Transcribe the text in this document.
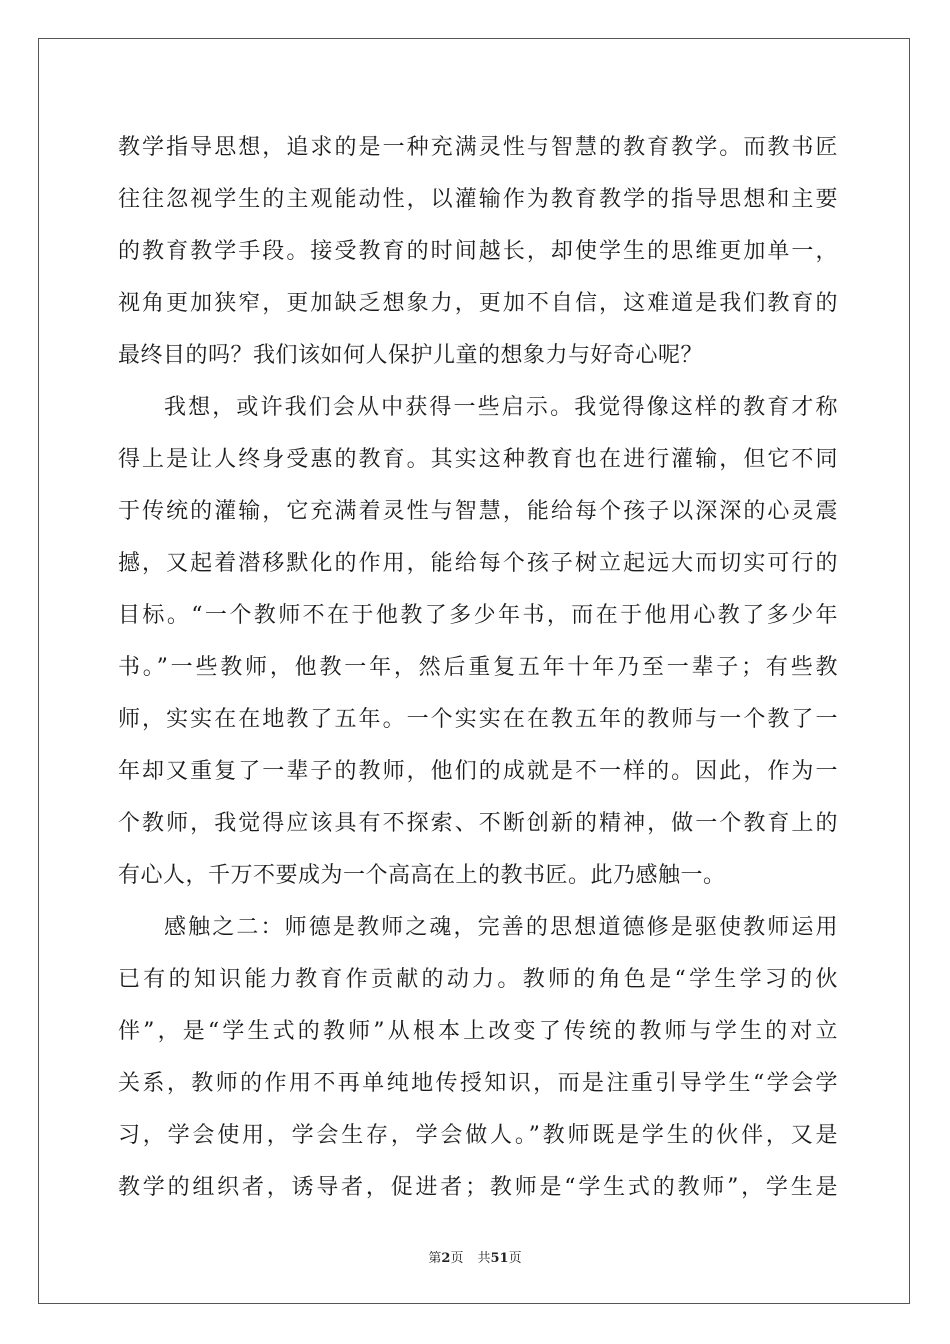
教学指导思想，追求的是一种充满灵性与智慧的教育教学。而教书匠
往往忽视学生的主观能动性，以灌输作为教育教学的指导思想和主要
的教育教学手段。接受教育的时间越长，却使学生的思维更加单一，
视角更加狭窄，更加缺乏想象力，更加不自信，这难道是我们教育的
最终目的吗？我们该如何人保护儿童的想象力与好奇心呢？
我想，或许我们会从中获得一些启示。我觉得像这样的教育才称
得上是让人终身受惠的教育。其实这种教育也在进行灌输，但它不同
于传统的灌输，它充满着灵性与智慧，能给每个孩子以深深的心灵震
撼，又起着潜移默化的作用，能给每个孩子树立起远大而切实可行的
目标。“一个教师不在于他教了多少年书，而在于他用心教了多少年
书。”一些教师，他教一年，然后重复五年十年乃至一辈子；有些教
师，实实在在地教了五年。一个实实在在教五年的教师与一个教了一
年却又重复了一辈子的教师，他们的成就是不一样的。因此，作为一
个教师，我觉得应该具有不探索、不断创新的精神，做一个教育上的
有心人，千万不要成为一个高高在上的教书匠。此乃感触一。
感触之二：师德是教师之魂，完善的思想道德修是驱使教师运用
已有的知识能力教育作贡献的动力。教师的角色是“学生学习的伙
伴”，是“学生式的教师”从根本上改变了传统的教师与学生的对立
关系，教师的作用不再单纯地传授知识，而是注重引导学生“学会学
习，学会使用，学会生存，学会做人。”教师既是学生的伙伴，又是
教学的组织者，诱导者，促进者；教师是“学生式的教师”，学生是
第2页 共51页
